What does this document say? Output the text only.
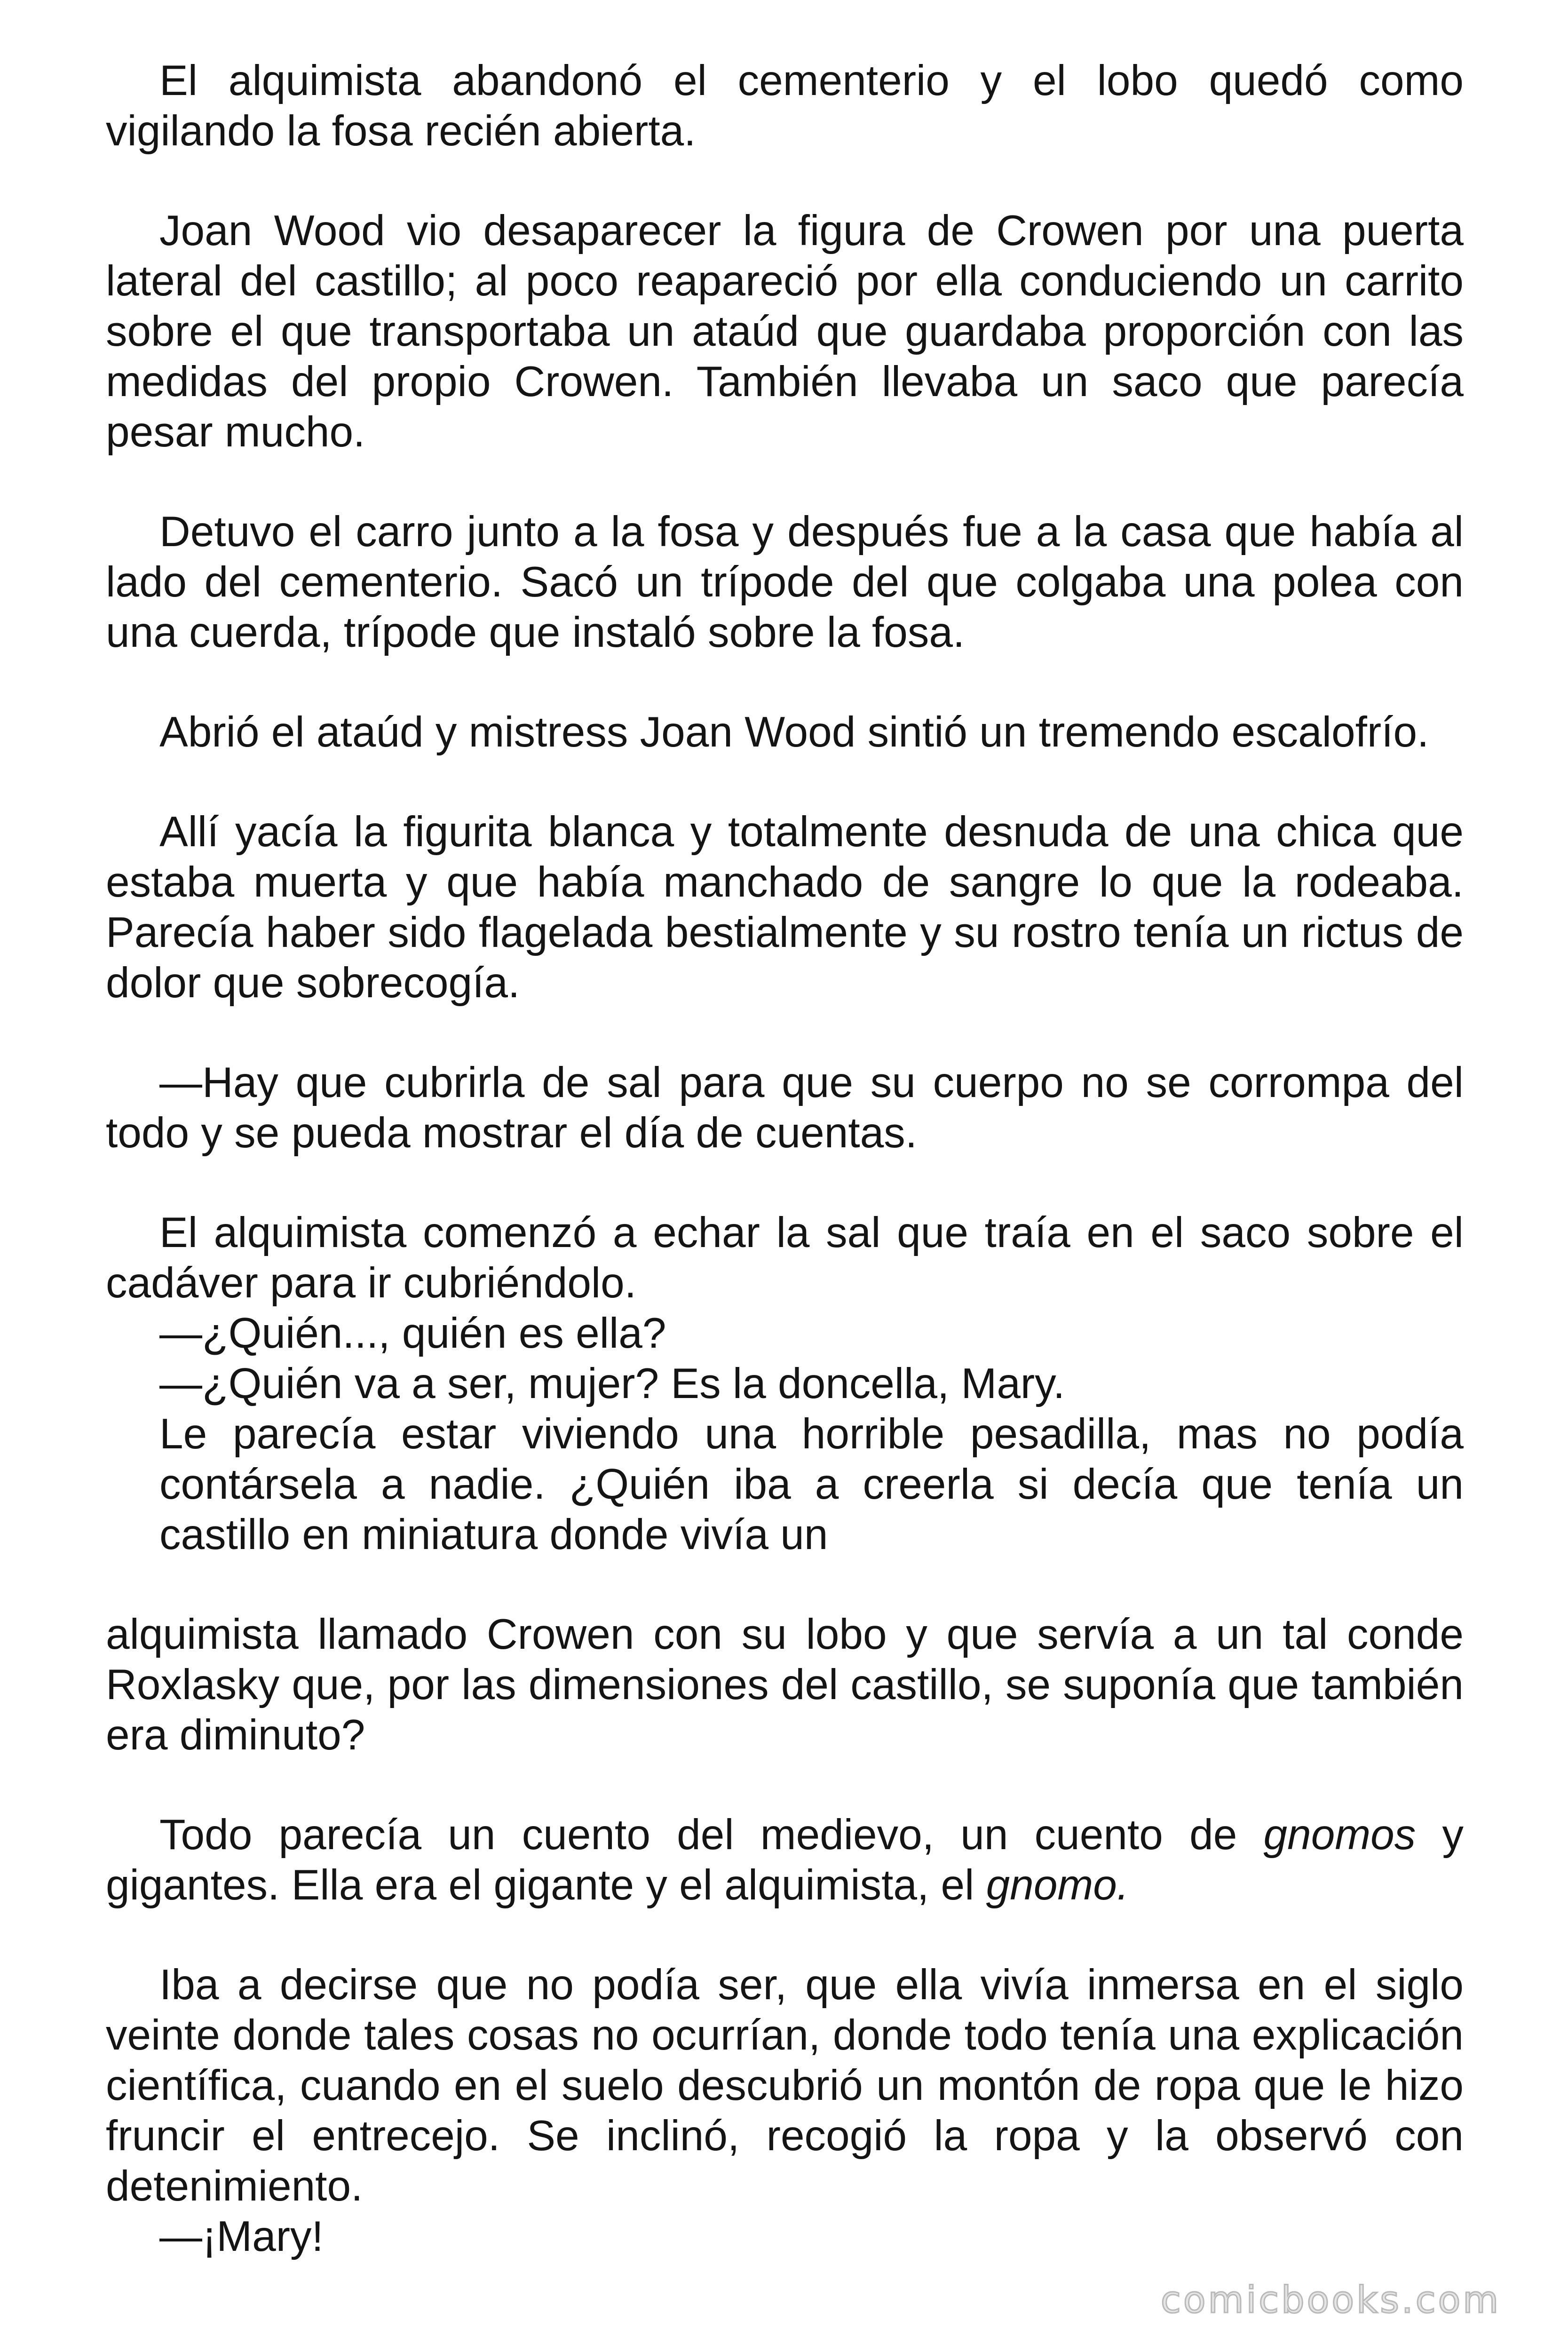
El alquimista abandonó el cementerio y el lobo quedó como vigilando la fosa recién abierta.

Joan Wood vio desaparecer la figura de Crowen por una puerta lateral del castillo; al poco reapareció por ella conduciendo un carrito sobre el que transportaba un ataúd que guardaba proporción con las medidas del propio Crowen. También llevaba un saco que parecía pesar mucho.

Detuvo el carro junto a la fosa y después fue a la casa que había al lado del cementerio. Sacó un trípode del que colgaba una polea con una cuerda, trípode que instaló sobre la fosa.

Abrió el ataúd y mistress Joan Wood sintió un tremendo escalofrío.

Allí yacía la figurita blanca y totalmente desnuda de una chica que estaba muerta y que había manchado de sangre lo que la rodeaba. Parecía haber sido flagelada bestialmente y su rostro tenía un rictus de dolor que sobrecogía.

—Hay que cubrirla de sal para que su cuerpo no se corrompa del todo y se pueda mostrar el día de cuentas.

El alquimista comenzó a echar la sal que traía en el saco sobre el cadáver para ir cubriéndolo.

—¿Quién..., quién es ella?

—¿Quién va a ser, mujer? Es la doncella, Mary.

Le parecía estar viviendo una horrible pesadilla, mas no podía contársela a nadie. ¿Quién iba a creerla si decía que tenía un castillo en miniatura donde vivía un

alquimista llamado Crowen con su lobo y que servía a un tal conde Roxlasky que, por las dimensiones del castillo, se suponía que también era diminuto?

Todo parecía un cuento del medievo, un cuento de gnomos y gigantes. Ella era el gigante y el alquimista, el gnomo.

Iba a decirse que no podía ser, que ella vivía inmersa en el siglo veinte donde tales cosas no ocurrían, donde todo tenía una explicación científica, cuando en el suelo descubrió un montón de ropa que le hizo fruncir el entrecejo. Se inclinó, recogió la ropa y la observó con detenimiento.

—¡Mary!

comicbooks.com
